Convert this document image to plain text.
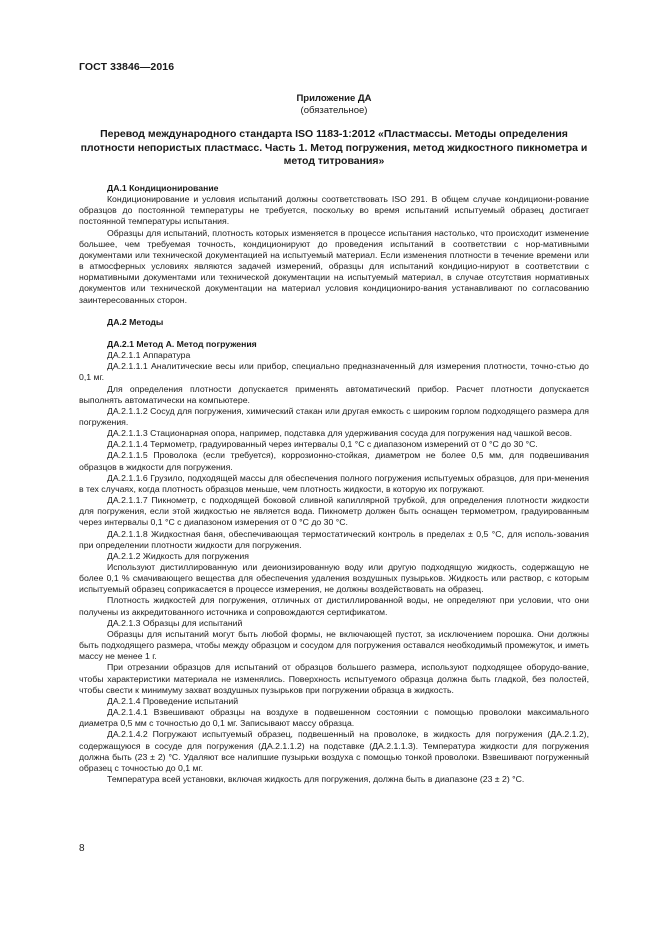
ГОСТ 33846—2016
Приложение ДА
(обязательное)
Перевод международного стандарта ISO 1183-1:2012 «Пластмассы. Методы определения плотности непористых пластмасс. Часть 1. Метод погружения, метод жидкостного пикнометра и метод титрования»

ДА.1 Кондиционирование

Кондиционирование и условия испытаний должны соответствовать ISO 291. В общем случае кондициони-рование образцов до постоянной температуры не требуется, поскольку во время испытаний испытуемый образец достигает постоянной температуры испытания.

Образцы для испытаний, плотность которых изменяется в процессе испытания настолько, что происходит изменение большее, чем требуемая точность, кондиционируют до проведения испытаний в соответствии с нор-мативными документами или технической документацией на испытуемый материал. Если изменения плотности в течение времени или в атмосферных условиях являются задачей измерений, образцы для испытаний кондицио-нируют в соответствии с нормативными документами или технической документации на испытуемый материал, в случае отсутствия нормативных документов или технической документации на материал условия кондициониро-вания устанавливают по согласованию заинтересованных сторон.

ДА.2 Методы

ДА.2.1 Метод А. Метод погружения

ДА.2.1.1 Аппаратура

ДА.2.1.1.1 Аналитические весы или прибор, специально предназначенный для измерения плотности, точно-стью до 0,1 мг.

Для определения плотности допускается применять автоматический прибор. Расчет плотности допускается выполнять автоматически на компьютере.

ДА.2.1.1.2 Сосуд для погружения, химический стакан или другая емкость с широким горлом подходящего размера для погружения.

ДА.2.1.1.3 Стационарная опора, например, подставка для удерживания сосуда для погружения над чашкой весов.

ДА.2.1.1.4 Термометр, градуированный через интервалы 0,1 °С с диапазоном измерений от 0 °С до 30 °С.

ДА.2.1.1.5 Проволока (если требуется), коррозионно-стойкая, диаметром не более 0,5 мм, для подвешивания образцов в жидкости для погружения.

ДА.2.1.1.6 Грузило, подходящей массы для обеспечения полного погружения испытуемых образцов, для при-менения в тех случаях, когда плотность образцов меньше, чем плотность жидкости, в которую их погружают.

ДА.2.1.1.7 Пикнометр, с подходящей боковой сливной капиллярной трубкой, для определения плотности жидкости для погружения, если этой жидкостью не является вода. Пикнометр должен быть оснащен термометром, градуированным через интервалы 0,1 °С с диапазоном измерения от 0 °С до 30 °С.

ДА.2.1.1.8 Жидкостная баня, обеспечивающая термостатический контроль в пределах ± 0,5 °С, для исполь-зования при определении плотности жидкости для погружения.

ДА.2.1.2 Жидкость для погружения

Используют дистиллированную или деионизированную воду или другую подходящую жидкость, содержащую не более 0,1 % смачивающего вещества для обеспечения удаления воздушных пузырьков. Жидкость или раствор, с которым испытуемый образец соприкасается в процессе измерения, не должны воздействовать на образец.

Плотность жидкостей для погружения, отличных от дистиллированной воды, не определяют при условии, что они получены из аккредитованного источника и сопровождаются сертификатом.

ДА.2.1.3 Образцы для испытаний

Образцы для испытаний могут быть любой формы, не включающей пустот, за исключением порошка. Они должны быть подходящего размера, чтобы между образцом и сосудом для погружения оставался необходимый промежуток, и иметь массу не менее 1 г.

При отрезании образцов для испытаний от образцов большего размера, используют подходящее оборудо-вание, чтобы характеристики материала не изменялись. Поверхность испытуемого образца должна быть гладкой, без полостей, чтобы свести к минимуму захват воздушных пузырьков при погружении образца в жидкость.

ДА.2.1.4 Проведение испытаний

ДА.2.1.4.1 Взвешивают образцы на воздухе в подвешенном состоянии с помощью проволоки максимального диаметра 0,5 мм с точностью до 0,1 мг. Записывают массу образца.

ДА.2.1.4.2 Погружают испытуемый образец, подвешенный на проволоке, в жидкость для погружения (ДА.2.1.2), содержащуюся в сосуде для погружения (ДА.2.1.1.2) на подставке (ДА.2.1.1.3). Температура жидкости для погружения должна быть (23 ± 2) °С. Удаляют все налипшие пузырьки воздуха с помощью тонкой проволоки. Взвешивают погруженный образец с точностью до 0,1 мг.

Температура всей установки, включая жидкость для погружения, должна быть в диапазоне (23 ± 2) °С.

8
